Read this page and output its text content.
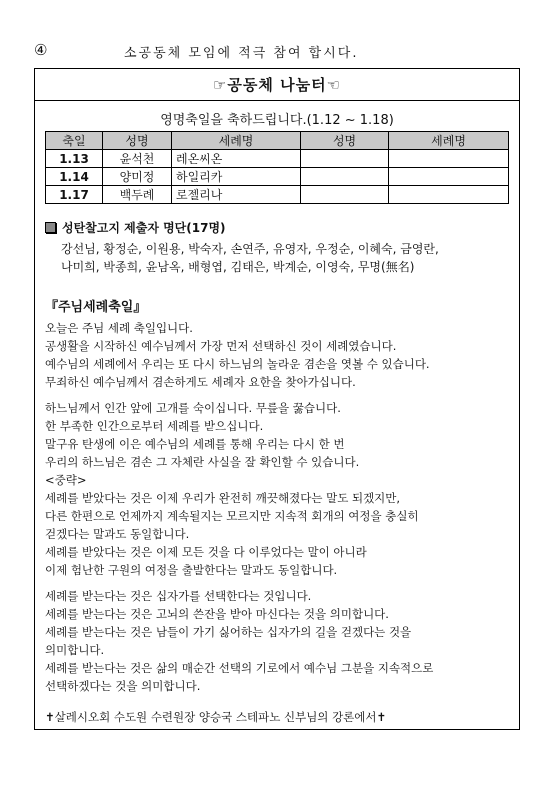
④	소공동체 모임에 적극 참여 합시다.
☞공동체 나눔터☜
영명축일을 축하드립니다.(1.12 ~ 1.18)
축일	성명	세례명	성명	세례명
1.13	윤석천	레온씨온		
1.14	양미정	하일리카		
1.17	백두례	로젤리나		
성탄찰고지 제출자 명단(17명)
강선님, 황정순, 이원용, 박숙자, 손연주, 유영자, 우정순, 이혜숙, 금영란,
나미희, 박종희, 윤남옥, 배형엽, 김태은, 박계순, 이영숙, 무명(無名)

『주님세례축일』

오늘은 주님 세례 축일입니다.

공생활을 시작하신 예수님께서 가장 먼저 선택하신 것이 세례였습니다.

예수님의 세례에서 우리는 또 다시 하느님의 놀라운 겸손을 엿볼 수 있습니다.

무죄하신 예수님께서 겸손하게도 세례자 요한을 찾아가십니다.

하느님께서 인간 앞에 고개를 숙이십니다. 무릎을 꿇습니다.

한 부족한 인간으로부터 세례를 받으십니다.

말구유 탄생에 이은 예수님의 세례를 통해 우리는 다시 한 번

우리의 하느님은 겸손 그 자체란 사실을 잘 확인할 수 있습니다.

<중략>

세례를 받았다는 것은 이제 우리가 완전히 깨끗해졌다는 말도 되겠지만,

다른 한편으로 언제까지 계속될지는 모르지만 지속적 회개의 여정을 충실히

걷겠다는 말과도 동일합니다.

세례를 받았다는 것은 이제 모든 것을 다 이루었다는 말이 아니라

이제 험난한 구원의 여정을 출발한다는 말과도 동일합니다.

세례를 받는다는 것은 십자가를 선택한다는 것입니다.

세례를 받는다는 것은 고뇌의 쓴잔을 받아 마신다는 것을 의미합니다.

세례를 받는다는 것은 남들이 가기 싫어하는 십자가의 길을 걷겠다는 것을

의미합니다.

세례를 받는다는 것은 삶의 매순간 선택의 기로에서 예수님 그분을 지속적으로

선택하겠다는 것을 의미합니다.

✝살레시오회 수도원 수련원장 양승국 스테파노 신부님의 강론에서✝
